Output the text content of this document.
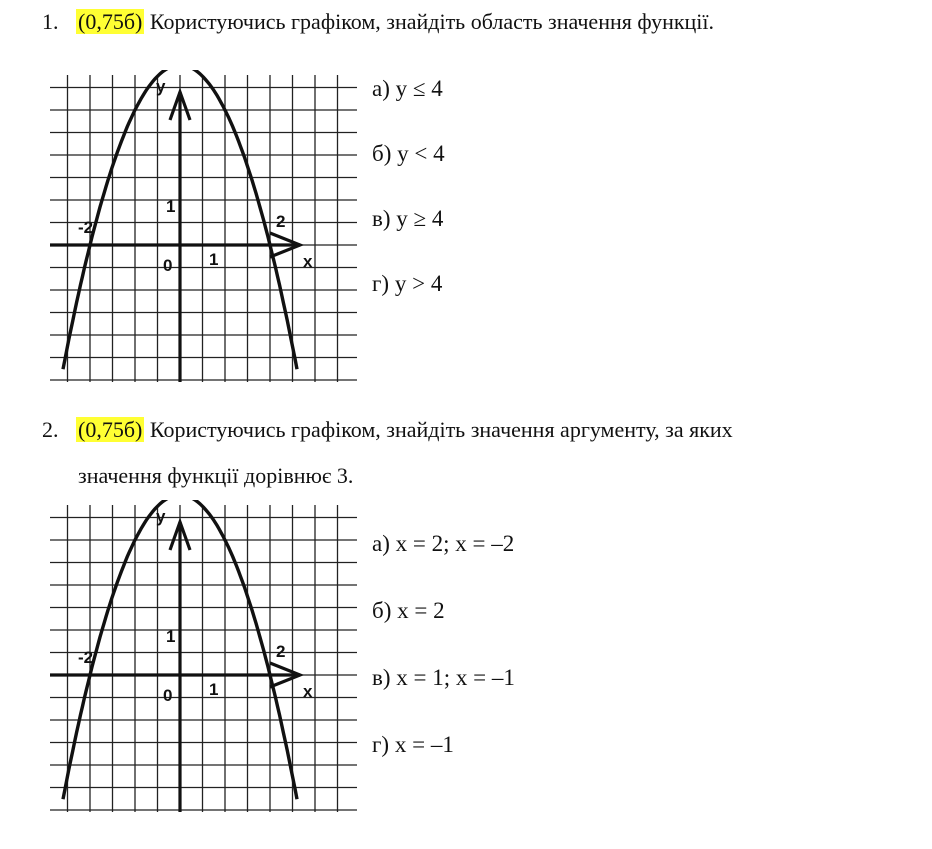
1. (0,75б) Користуючись графіком, знайдіть область значення функції.
y
x
1
2
-2
0 1
а) y ≤ 4
б) y < 4
в) y ≥ 4
г) y > 4
2. (0,75б) Користуючись графіком, знайдіть значення аргументу, за яких
значення функції дорівнює 3.
y
x
1
2
-2
0 1
а) x = 2; x = –2
б) x = 2
в) x = 1; x = –1
г) x = –1
